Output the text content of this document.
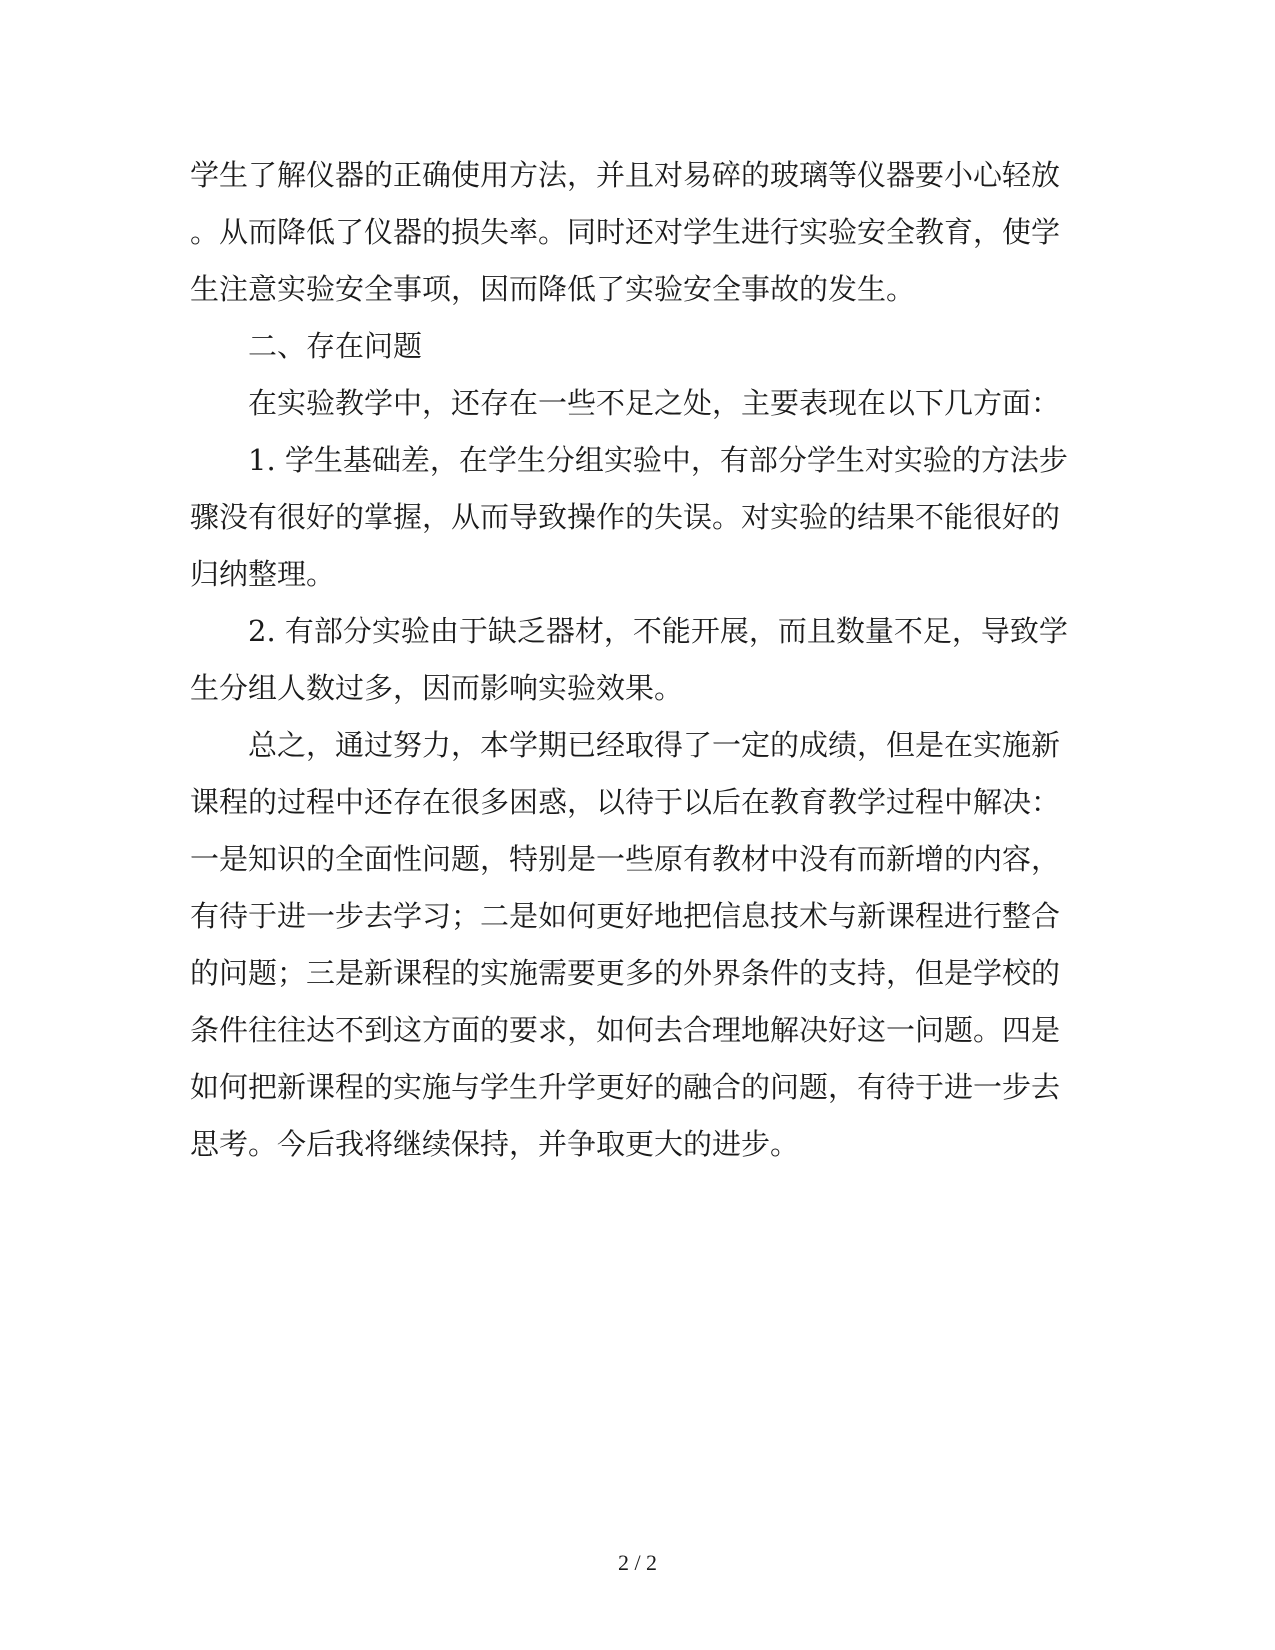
学生了解仪器的正确使用方法，并且对易碎的玻璃等仪器要小心轻放
。从而降低了仪器的损失率。同时还对学生进行实验安全教育，使学
生注意实验安全事项，因而降低了实验安全事故的发生。
二、存在问题
在实验教学中，还存在一些不足之处，主要表现在以下几方面：
1. 学生基础差，在学生分组实验中，有部分学生对实验的方法步
骤没有很好的掌握，从而导致操作的失误。对实验的结果不能很好的
归纳整理。
2. 有部分实验由于缺乏器材，不能开展，而且数量不足，导致学
生分组人数过多，因而影响实验效果。
总之，通过努力，本学期已经取得了一定的成绩，但是在实施新
课程的过程中还存在很多困惑，以待于以后在教育教学过程中解决：
一是知识的全面性问题，特别是一些原有教材中没有而新增的内容，
有待于进一步去学习；二是如何更好地把信息技术与新课程进行整合
的问题；三是新课程的实施需要更多的外界条件的支持，但是学校的
条件往往达不到这方面的要求，如何去合理地解决好这一问题。四是
如何把新课程的实施与学生升学更好的融合的问题，有待于进一步去
思考。今后我将继续保持，并争取更大的进步。
2 / 2
